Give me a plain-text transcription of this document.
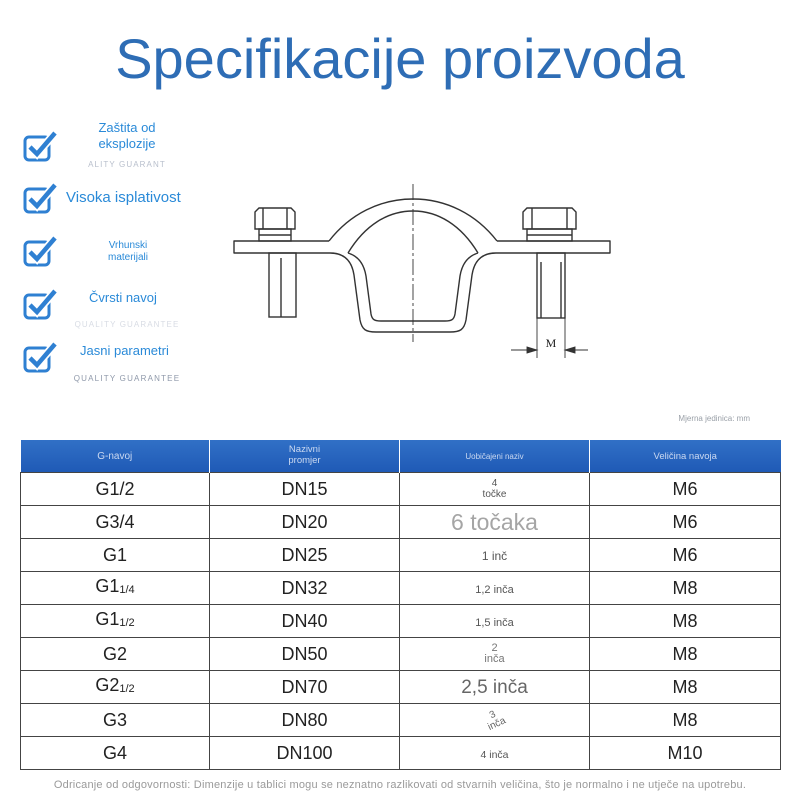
Specifikacije proizvoda
Zaštita od eksplozije
ALITY GUARANT
Visoka isplativost
Vrhunski materijali
Čvrsti navoj
QUALITY GUARANTEE
Jasni parametri
QUALITY GUARANTEE
M
Mjerna jedinica: mm
G-navoj	Nazivni promjer	Uobičajeni naziv	Veličina navoja
G1/2	DN15	4 točke	M6
G3/4	DN20	6 točaka	M6
G1	DN25	1 inč	M6
G11/4	DN32	1,2 inča	M8
G11/2	DN40	1,5 inča	M8
G2	DN50	2 inča	M8
G21/2	DN70	2,5 inča	M8
G3	DN80	3 inča	M8
G4	DN100	4 inča	M10
Odricanje od odgovornosti: Dimenzije u tablici mogu se neznatno razlikovati od stvarnih veličina, što je normalno i ne utječe na upotrebu.
